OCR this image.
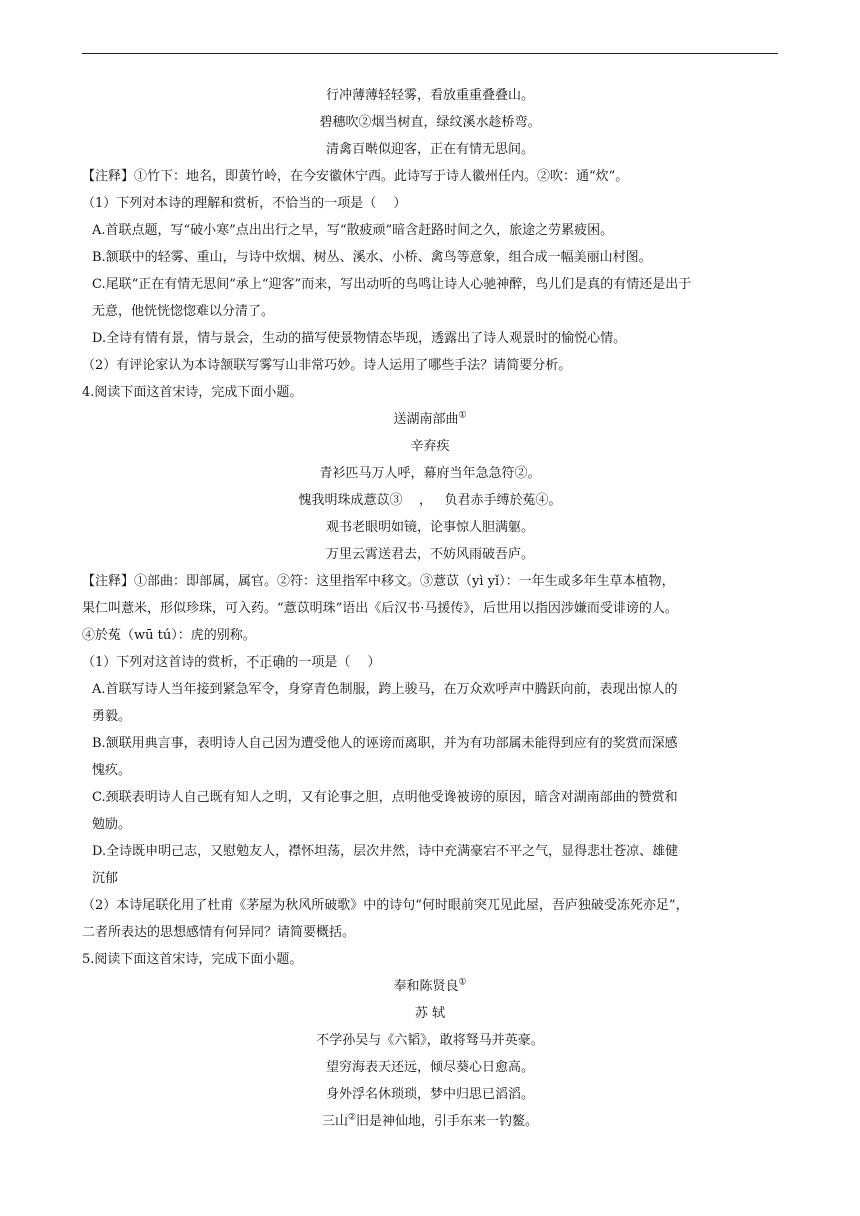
行冲薄薄轻轻雾，看放重重叠叠山。
碧穗吹②烟当树直，绿纹溪水趁桥弯。
清禽百啭似迎客，正在有情无思间。
【注释】①竹下：地名，即黄竹岭，在今安徽休宁西。此诗写于诗人徽州任内。②吹：通“炊”。
（1）下列对本诗的理解和赏析，不恰当的一项是（　 ）
A.首联点题，写“破小寒”点出出行之早，写“散疲顽”暗含赶路时间之久，旅途之劳累疲困。
B.颔联中的轻雾、重山，与诗中炊烟、树丛、溪水、小桥、禽鸟等意象，组合成一幅美丽山村图。
C.尾联“正在有情无思间”承上“迎客”而来，写出动听的鸟鸣让诗人心驰神醉，鸟儿们是真的有情还是出于
无意，他恍恍惚惚难以分清了。
D.全诗有情有景，情与景会，生动的描写使景物情态毕现，透露出了诗人观景时的愉悦心情。
（2）有评论家认为本诗颔联写雾写山非常巧妙。诗人运用了哪些手法？请简要分析。
4.阅读下面这首宋诗，完成下面小题。
送湖南部曲①
辛弃疾
青衫匹马万人呼，幕府当年急急符②。
愧我明珠成薏苡③ ， 负君赤手缚於菟④。
观书老眼明如镜，论事惊人胆满躯。
万里云霄送君去，不妨风雨破吾庐。
【注释】①部曲：即部属，属官。②符：这里指军中移文。③薏苡（yì yǐ）：一年生或多年生草本植物，
果仁叫薏米，形似珍珠，可入药。“薏苡明珠”语出《后汉书·马援传》，后世用以指因涉嫌而受诽谤的人。
④於菟（wū tú）：虎的别称。
（1）下列对这首诗的赏析，不正确的一项是（　 ）
A.首联写诗人当年接到紧急军令，身穿青色制服，跨上骏马，在万众欢呼声中腾跃向前，表现出惊人的
勇毅。
B.颔联用典言事，表明诗人自己因为遭受他人的诬谤而离职，并为有功部属未能得到应有的奖赏而深感
愧疚。
C.颈联表明诗人自己既有知人之明，又有论事之胆，点明他受谗被谤的原因，暗含对湖南部曲的赞赏和
勉励。
D.全诗既申明己志，又慰勉友人，襟怀坦荡，层次井然，诗中充满豪宕不平之气，显得悲壮苍凉、雄健
沉郁
（2）本诗尾联化用了杜甫《茅屋为秋风所破歌》中的诗句“何时眼前突兀见此屋，吾庐独破受冻死亦足”，
二者所表达的思想感情有何异同？请简要概括。
5.阅读下面这首宋诗，完成下面小题。
奉和陈贤良①
苏 轼
不学孙吴与《六韬》，敢将驽马并英豪。
望穷海表天还远，倾尽葵心日愈高。
身外浮名休琐琐，梦中归思已滔滔。
三山②旧是神仙地，引手东来一钓鳌。
